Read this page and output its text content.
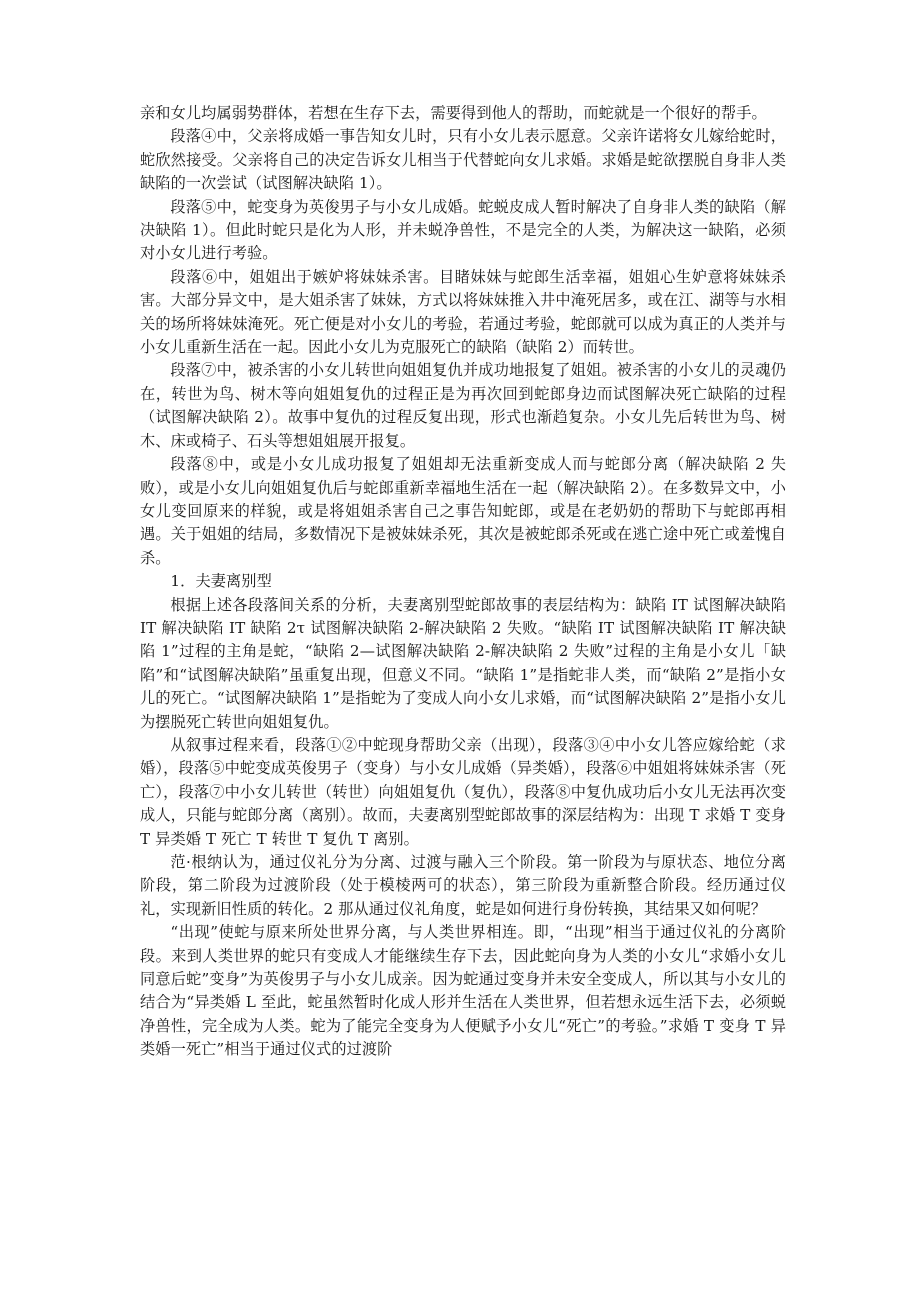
亲和女儿均属弱势群体，若想在生存下去，需要得到他人的帮助，而蛇就是一个很好的帮手。

段落④中，父亲将成婚一事告知女儿时，只有小女儿表示愿意。父亲许诺将女儿嫁给蛇时，蛇欣然接受。父亲将自己的决定告诉女儿相当于代替蛇向女儿求婚。求婚是蛇欲摆脱自身非人类缺陷的一次尝试（试图解决缺陷 1）。

段落⑤中，蛇变身为英俊男子与小女儿成婚。蛇蜕皮成人暂时解决了自身非人类的缺陷（解决缺陷 1）。但此时蛇只是化为人形，并未蜕净兽性，不是完全的人类，为解决这一缺陷，必须对小女儿进行考验。

段落⑥中，姐姐出于嫉妒将妹妹杀害。目睹妹妹与蛇郎生活幸福，姐姐心生妒意将妹妹杀害。大部分异文中，是大姐杀害了妹妹，方式以将妹妹推入井中淹死居多，或在江、湖等与水相关的场所将妹妹淹死。死亡便是对小女儿的考验，若通过考验，蛇郎就可以成为真正的人类并与小女儿重新生活在一起。因此小女儿为克服死亡的缺陷（缺陷 2）而转世。

段落⑦中，被杀害的小女儿转世向姐姐复仇并成功地报复了姐姐。被杀害的小女儿的灵魂仍在，转世为鸟、树木等向姐姐复仇的过程正是为再次回到蛇郎身边而试图解决死亡缺陷的过程（试图解决缺陷 2）。故事中复仇的过程反复出现，形式也渐趋复杂。小女儿先后转世为鸟、树木、床或椅子、石头等想姐姐展开报复。

段落⑧中，或是小女儿成功报复了姐姐却无法重新变成人而与蛇郎分离（解决缺陷 2 失败），或是小女儿向姐姐复仇后与蛇郎重新幸福地生活在一起（解决缺陷 2）。在多数异文中，小女儿变回原来的样貌，或是将姐姐杀害自己之事告知蛇郎，或是在老奶奶的帮助下与蛇郎再相遇。关于姐姐的结局，多数情况下是被妹妹杀死，其次是被蛇郎杀死或在逃亡途中死亡或羞愧自杀。

1．夫妻离别型

根据上述各段落间关系的分析，夫妻离别型蛇郎故事的表层结构为：缺陷 IT 试图解决缺陷 IT 解决缺陷 IT 缺陷 2τ 试图解决缺陷 2-解决缺陷 2 失败。“缺陷 IT 试图解决缺陷 IT 解决缺陷 1”过程的主角是蛇，“缺陷 2—试图解决缺陷 2-解决缺陷 2 失败”过程的主角是小女儿「缺陷”和“试图解决缺陷”虽重复出现，但意义不同。“缺陷 1”是指蛇非人类，而“缺陷 2”是指小女儿的死亡。“试图解决缺陷 1”是指蛇为了变成人向小女儿求婚，而“试图解决缺陷 2”是指小女儿为摆脱死亡转世向姐姐复仇。

从叙事过程来看，段落①②中蛇现身帮助父亲（出现），段落③④中小女儿答应嫁给蛇（求婚），段落⑤中蛇变成英俊男子（变身）与小女儿成婚（异类婚），段落⑥中姐姐将妹妹杀害（死亡），段落⑦中小女儿转世（转世）向姐姐复仇（复仇），段落⑧中复仇成功后小女儿无法再次变成人，只能与蛇郎分离（离别）。故而，夫妻离别型蛇郎故事的深层结构为：出现 T 求婚 T 变身 T 异类婚 T 死亡 T 转世 T 复仇 T 离别。

范·根纳认为，通过仪礼分为分离、过渡与融入三个阶段。第一阶段为与原状态、地位分离阶段，第二阶段为过渡阶段（处于模棱两可的状态），第三阶段为重新整合阶段。经历通过仪礼，实现新旧性质的转化。2 那从通过仪礼角度，蛇是如何进行身份转换，其结果又如何呢？

“出现”使蛇与原来所处世界分离，与人类世界相连。即，“出现”相当于通过仪礼的分离阶段。来到人类世界的蛇只有变成人才能继续生存下去，因此蛇向身为人类的小女儿“求婚小女儿同意后蛇”变身”为英俊男子与小女儿成亲。因为蛇通过变身并未安全变成人，所以其与小女儿的结合为“异类婚 L 至此，蛇虽然暂时化成人形并生活在人类世界，但若想永远生活下去，必须蜕净兽性，完全成为人类。蛇为了能完全变身为人便赋予小女儿“死亡”的考验。”求婚 T 变身 T 异类婚一死亡”相当于通过仪式的过渡阶
